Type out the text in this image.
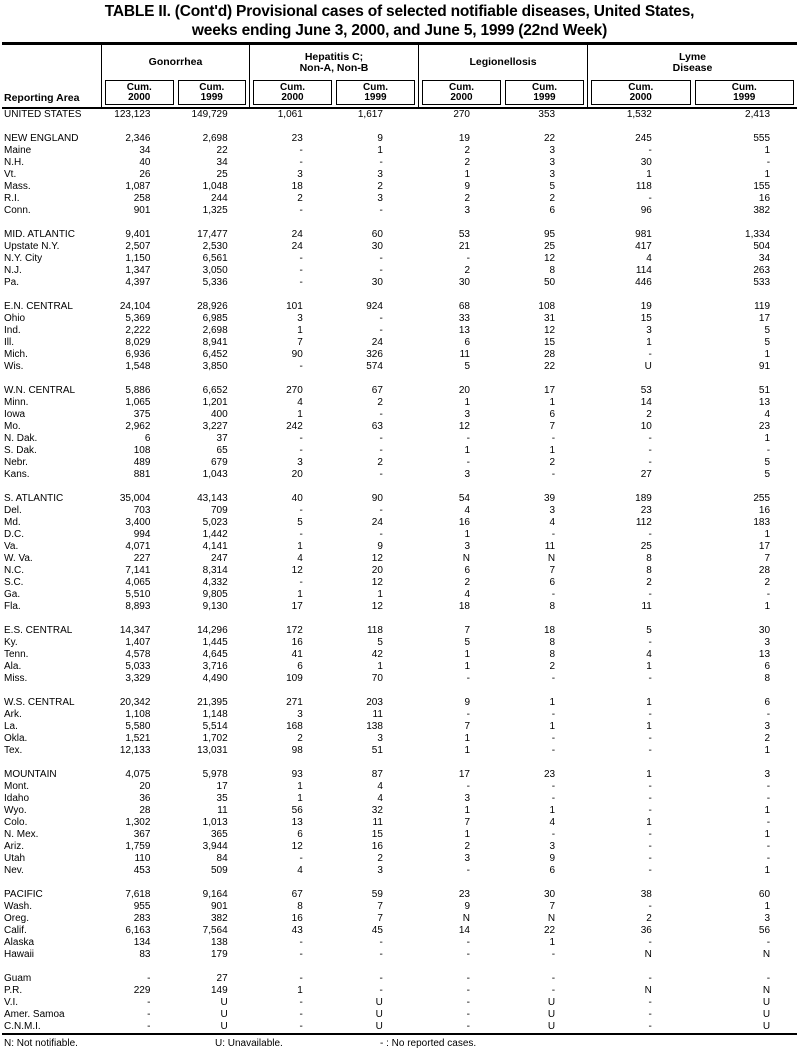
TABLE II. (Cont'd) Provisional cases of selected notifiable diseases, United States,
weeks ending June 3, 2000, and June 5, 1999 (22nd Week)
Reporting Area
Gonorrhea
Cum.
2000
Cum.
1999
Hepatitis C;
Non-A, Non-B
Cum.
2000
Cum.
1999
Legionellosis
Cum.
2000
Cum.
1999
Lyme
Disease
Cum.
2000
Cum.
1999
UNITED STATES	123,123	149,729	1,061	1,617	270	353	1,532	2,413
NEW ENGLAND	2,346	2,698	23	9	19	22	245	555
Maine	34	22	-	1	2	3	-	1
N.H.	40	34	-	-	2	3	30	-
Vt.	26	25	3	3	1	3	1	1
Mass.	1,087	1,048	18	2	9	5	118	155
R.I.	258	244	2	3	2	2	-	16
Conn.	901	1,325	-	-	3	6	96	382
MID. ATLANTIC	9,401	17,477	24	60	53	95	981	1,334
Upstate N.Y.	2,507	2,530	24	30	21	25	417	504
N.Y. City	1,150	6,561	-	-	-	12	4	34
N.J.	1,347	3,050	-	-	2	8	114	263
Pa.	4,397	5,336	-	30	30	50	446	533
E.N. CENTRAL	24,104	28,926	101	924	68	108	19	119
Ohio	5,369	6,985	3	-	33	31	15	17
Ind.	2,222	2,698	1	-	13	12	3	5
Ill.	8,029	8,941	7	24	6	15	1	5
Mich.	6,936	6,452	90	326	11	28	-	1
Wis.	1,548	3,850	-	574	5	22	U	91
W.N. CENTRAL	5,886	6,652	270	67	20	17	53	51
Minn.	1,065	1,201	4	2	1	1	14	13
Iowa	375	400	1	-	3	6	2	4
Mo.	2,962	3,227	242	63	12	7	10	23
N. Dak.	6	37	-	-	-	-	-	1
S. Dak.	108	65	-	-	1	1	-	-
Nebr.	489	679	3	2	-	2	-	5
Kans.	881	1,043	20	-	3	-	27	5
S. ATLANTIC	35,004	43,143	40	90	54	39	189	255
Del.	703	709	-	-	4	3	23	16
Md.	3,400	5,023	5	24	16	4	112	183
D.C.	994	1,442	-	-	1	-	-	1
Va.	4,071	4,141	1	9	3	11	25	17
W. Va.	227	247	4	12	N	N	8	7
N.C.	7,141	8,314	12	20	6	7	8	28
S.C.	4,065	4,332	-	12	2	6	2	2
Ga.	5,510	9,805	1	1	4	-	-	-
Fla.	8,893	9,130	17	12	18	8	11	1
E.S. CENTRAL	14,347	14,296	172	118	7	18	5	30
Ky.	1,407	1,445	16	5	5	8	-	3
Tenn.	4,578	4,645	41	42	1	8	4	13
Ala.	5,033	3,716	6	1	1	2	1	6
Miss.	3,329	4,490	109	70	-	-	-	8
W.S. CENTRAL	20,342	21,395	271	203	9	1	1	6
Ark.	1,108	1,148	3	11	-	-	-	-
La.	5,580	5,514	168	138	7	1	1	3
Okla.	1,521	1,702	2	3	1	-	-	2
Tex.	12,133	13,031	98	51	1	-	-	1
MOUNTAIN	4,075	5,978	93	87	17	23	1	3
Mont.	20	17	1	4	-	-	-	-
Idaho	36	35	1	4	3	-	-	-
Wyo.	28	11	56	32	1	1	-	1
Colo.	1,302	1,013	13	11	7	4	1	-
N. Mex.	367	365	6	15	1	-	-	1
Ariz.	1,759	3,944	12	16	2	3	-	-
Utah	110	84	-	2	3	9	-	-
Nev.	453	509	4	3	-	6	-	1
PACIFIC	7,618	9,164	67	59	23	30	38	60
Wash.	955	901	8	7	9	7	-	1
Oreg.	283	382	16	7	N	N	2	3
Calif.	6,163	7,564	43	45	14	22	36	56
Alaska	134	138	-	-	-	1	-	-
Hawaii	83	179	-	-	-	-	N	N
Guam	-	27	-	-	-	-	-	-
P.R.	229	149	1	-	-	-	N	N
V.I.	-	U	-	U	-	U	-	U
Amer. Samoa	-	U	-	U	-	U	-	U
C.N.M.I.	-	U	-	U	-	U	-	U
N: Not notifiable.	U: Unavailable.	- : No reported cases.
